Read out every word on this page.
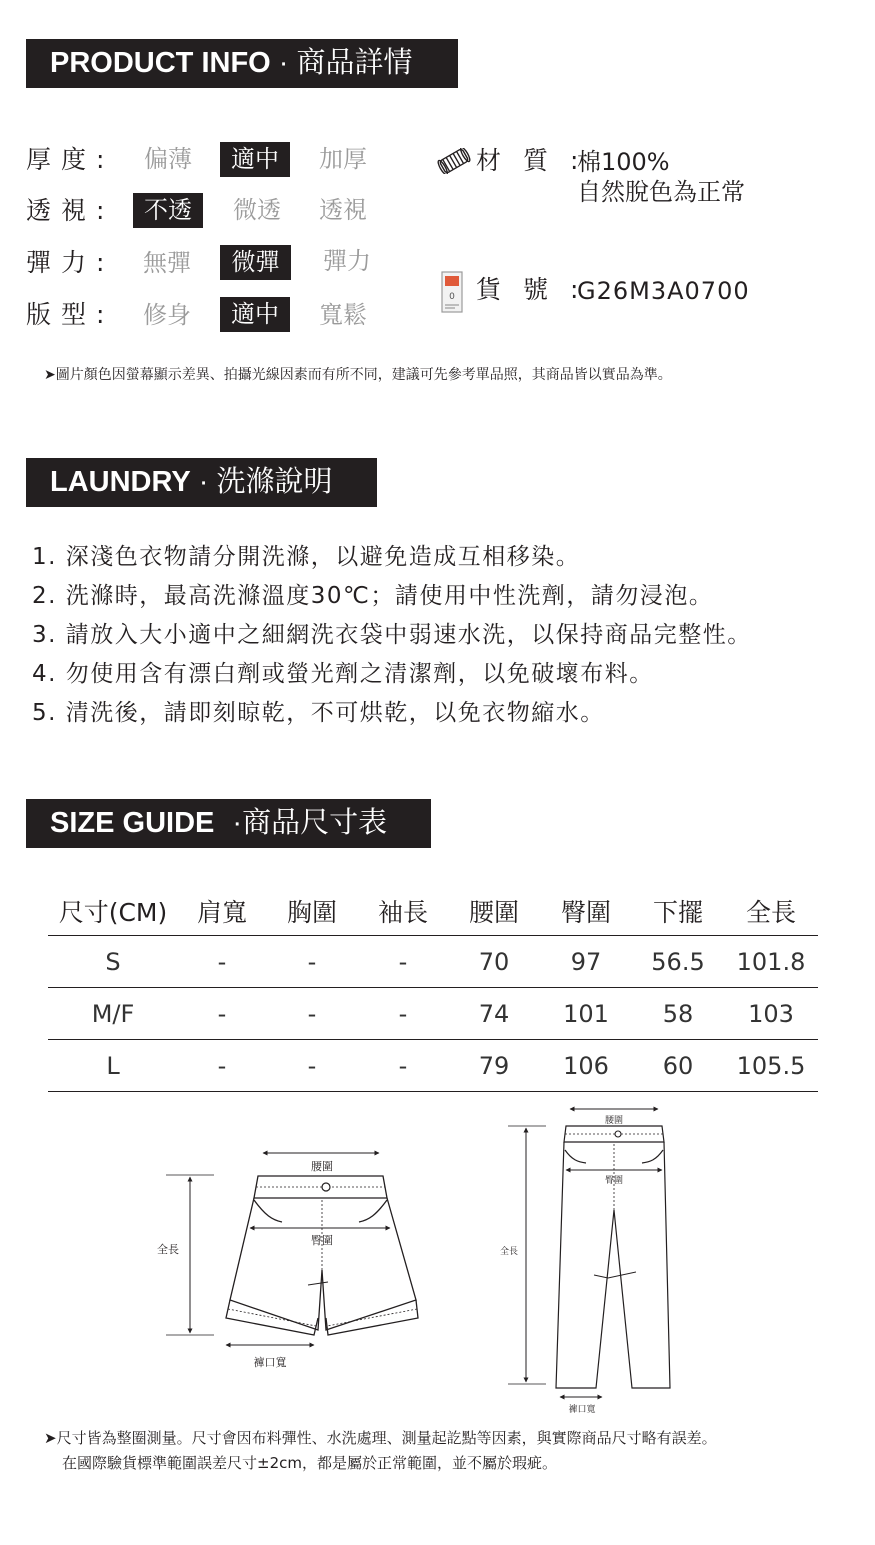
PRODUCT INFO · 商品詳情
厚度:	偏薄	適中	加厚
透視:	不透	微透	透視
彈力:	無彈	微彈	彈力
版型:	修身	適中	寬鬆
材質:
棉100%
自然脫色為正常
0 貨號:
G26M3A0700
➤圖片顏色因螢幕顯示差異、拍攝光線因素而有所不同，建議可先參考單品照，其商品皆以實品為準。
LAUNDRY · 洗滌說明
1. 深淺色衣物請分開洗滌，以避免造成互相移染。
2. 洗滌時，最高洗滌溫度30℃；請使用中性洗劑，請勿浸泡。
3. 請放入大小適中之細網洗衣袋中弱速水洗，以保持商品完整性。
4. 勿使用含有漂白劑或螢光劑之清潔劑，以免破壞布料。
5. 清洗後，請即刻晾乾，不可烘乾，以免衣物縮水。
SIZE GUIDE ·商品尺寸表
尺寸(CM)	肩寬	胸圍	袖長	腰圍	臀圍	下擺	全長
S	-	-	-	70	97	56.5	101.8
M/F	-	-	-	74	101	58	103
L	-	-	-	79	106	60	105.5
腰圍
臀圍
全長
褲口寬
腰圍
臀圍
全長
褲口寬
➤尺寸皆為整圈測量。尺寸會因布料彈性、水洗處理、測量起訖點等因素，與實際商品尺寸略有誤差。
在國際驗貨標準範圍誤差尺寸±2cm，都是屬於正常範圍，並不屬於瑕疵。
